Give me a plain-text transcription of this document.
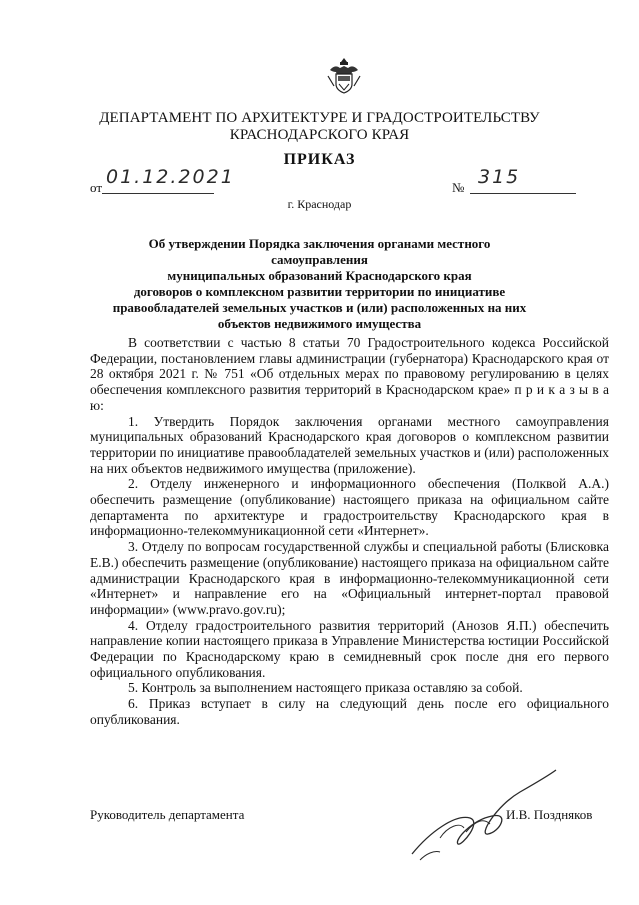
ДЕПАРТАМЕНТ ПО АРХИТЕКТУРЕ И ГРАДОСТРОИТЕЛЬСТВУ
КРАСНОДАРСКОГО КРАЯ
ПРИКАЗ
от 01.12.2021	№ 315
г. Краснодар
Об утверждении Порядка заключения органами местного самоуправления
муниципальных образований Краснодарского края
договоров о комплексном развитии территории по инициативе
правообладателей земельных участков и (или) расположенных на них
объектов недвижимого имущества

В соответствии с частью 8 статьи 70 Градостроительного кодекса Российской Федерации, постановлением главы администрации (губернатора) Краснодарского края от 28 октября 2021 г. № 751 «Об отдельных мерах по правовому регулированию в целях обеспечения комплексного развития территорий в Краснодарском крае» п р и к а з ы в а ю:

1. Утвердить Порядок заключения органами местного самоуправления муниципальных образований Краснодарского края договоров о комплексном развитии территории по инициативе правообладателей земельных участков и (или) расположенных на них объектов недвижимого имущества (приложение).

2. Отделу инженерного и информационного обеспечения (Полквой А.А.) обеспечить размещение (опубликование) настоящего приказа на официальном сайте департамента по архитектуре и градостроительству Краснодарского края в информационно-телекоммуникационной сети «Интернет».

3. Отделу по вопросам государственной службы и специальной работы (Блисковка Е.В.) обеспечить размещение (опубликование) настоящего приказа на официальном сайте администрации Краснодарского края в информационно-телекоммуникационной сети «Интернет» и направление его на «Официальный интернет-портал правовой информации» (www.pravo.gov.ru);

4. Отделу градостроительного развития территорий (Анозов Я.П.) обеспечить направление копии настоящего приказа в Управление Министерства юстиции Российской Федерации по Краснодарскому краю в семидневный срок после дня его первого официального опубликования.

5. Контроль за выполнением настоящего приказа оставляю за собой.

6. Приказ вступает в силу на следующий день после его официального опубликования.

Руководитель департамента	И.В. Поздняков
